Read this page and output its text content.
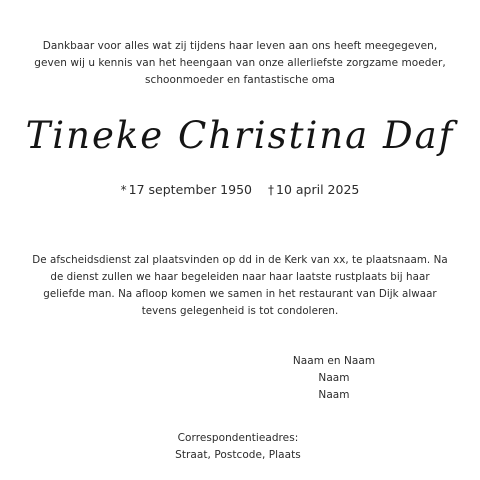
Dankbaar voor alles wat zij tijdens haar leven aan ons heeft meegegeven,
geven wij u kennis van het heengaan van onze allerliefste zorgzame moeder,
schoonmoeder en fantastische oma
Tineke Christina Daf
* 17 september 1950 † 10 april 2025
De afscheidsdienst zal plaatsvinden op dd in de Kerk van xx, te plaatsnaam. Na
de dienst zullen we haar begeleiden naar haar laatste rustplaats bij haar
geliefde man. Na afloop komen we samen in het restaurant van Dijk alwaar
tevens gelegenheid is tot condoleren.
Naam en Naam
Naam
Naam
Correspondentieadres:
Straat, Postcode, Plaats
